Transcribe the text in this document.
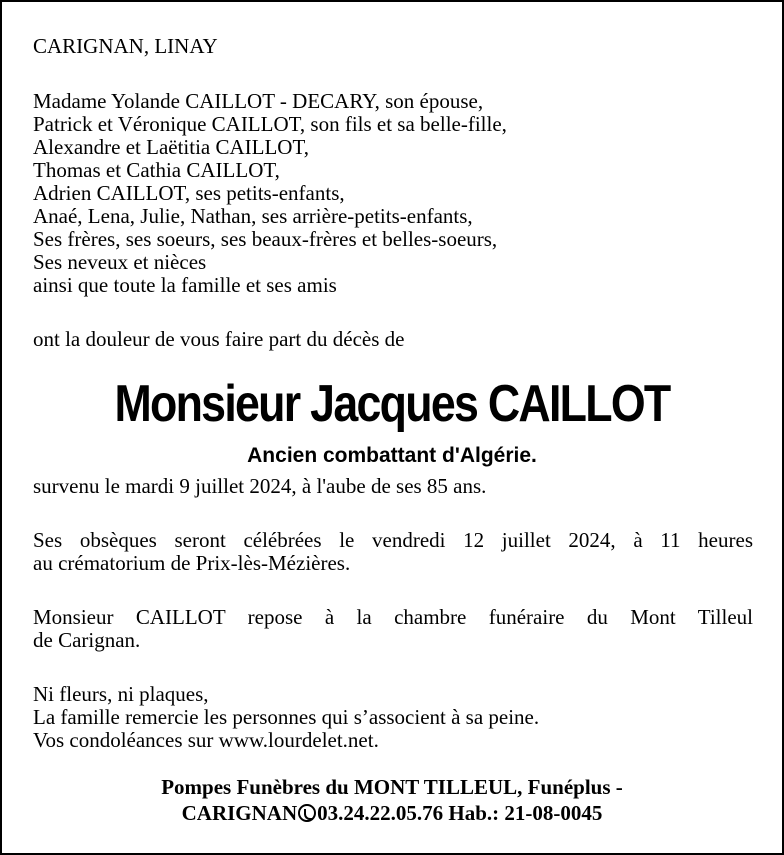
CARIGNAN, LINAY
Madame Yolande CAILLOT - DECARY, son épouse,
Patrick et Véronique CAILLOT, son fils et sa belle-fille,
Alexandre et Laëtitia CAILLOT,
Thomas et Cathia CAILLOT,
Adrien CAILLOT, ses petits-enfants,
Anaé, Lena, Julie, Nathan, ses arrière-petits-enfants,
Ses frères, ses soeurs, ses beaux-frères et belles-soeurs,
Ses neveux et nièces
ainsi que toute la famille et ses amis
ont la douleur de vous faire part du décès de
Monsieur Jacques CAILLOT
Ancien combattant d'Algérie.
survenu le mardi 9 juillet 2024, à l'aube de ses 85 ans.
Ses obsèques seront célébrées le vendredi 12 juillet 2024, à 11 heures
au crématorium de Prix-lès-Mézières.
Monsieur CAILLOT repose à la chambre funéraire du Mont Tilleul
de Carignan.
Ni fleurs, ni plaques,
La famille remercie les personnes qui s’associent à sa peine.
Vos condoléances sur www.lourdelet.net.
Pompes Funèbres du MONT TILLEUL, Funéplus -
CARIGNAN 03.24.22.05.76 Hab.: 21-08-0045
